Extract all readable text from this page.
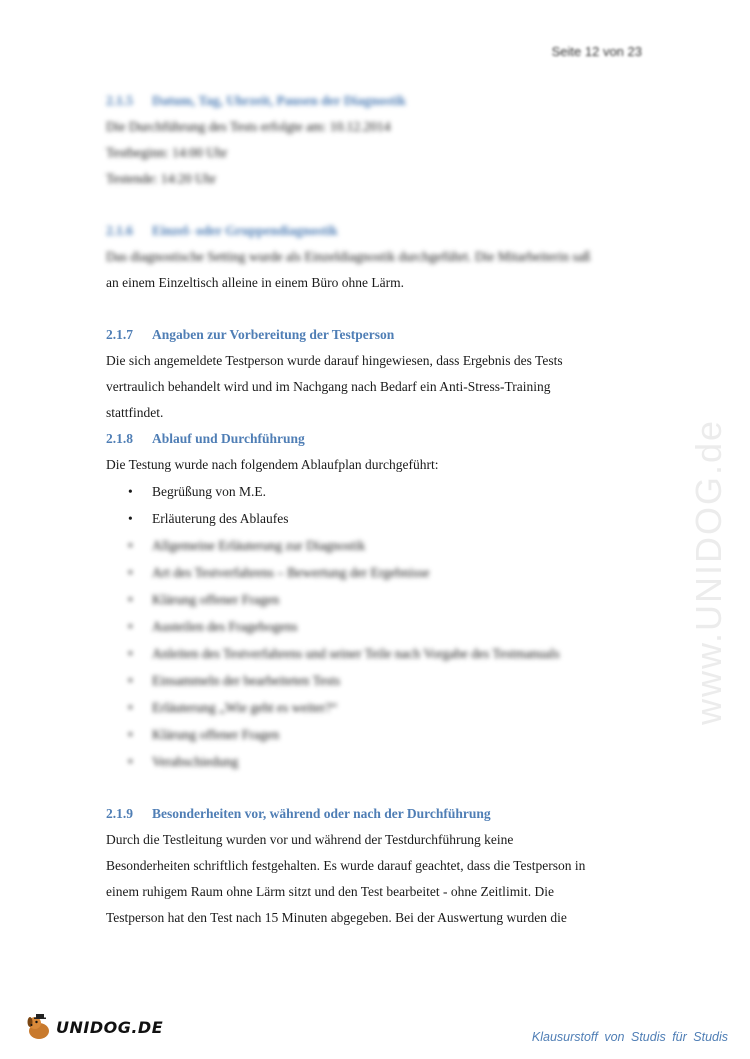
Seite 12 von 23
www.UNIDOG.de

2.1.5 Datum, Tag, Uhrzeit, Pausen der Diagnostik

Die Durchführung des Tests erfolgte am: 10.12.2014

Testbeginn: 14:00 Uhr

Testende: 14:20 Uhr

2.1.6 Einzel- oder Gruppendiagnostik

Das diagnostische Setting wurde als Einzeldiagnostik durchgeführt. Die Mitarbeiterin saß

an einem Einzeltisch alleine in einem Büro ohne Lärm.

2.1.7 Angaben zur Vorbereitung der Testperson

Die sich angemeldete Testperson wurde darauf hingewiesen, dass Ergebnis des Tests

vertraulich behandelt wird und im Nachgang nach Bedarf ein Anti-Stress-Training

stattfindet.

2.1.8 Ablauf und Durchführung

Die Testung wurde nach folgendem Ablaufplan durchgeführt:

• Begrüßung von M.E.
• Erläuterung des Ablaufes
• Allgemeine Erläuterung zur Diagnostik
• Art des Testverfahrens – Bewertung der Ergebnisse
• Klärung offener Fragen
• Austeilen des Fragebogens
• Anleiten des Testverfahrens und seiner Teile nach Vorgabe des Testmanuals
• Einsammeln der bearbeiteten Tests
• Erläuterung „Wie geht es weiter?“
• Klärung offener Fragen
• Verabschiedung

2.1.9 Besonderheiten vor, während oder nach der Durchführung

Durch die Testleitung wurden vor und während der Testdurchführung keine

Besonderheiten schriftlich festgehalten. Es wurde darauf geachtet, dass die Testperson in

einem ruhigem Raum ohne Lärm sitzt und den Test bearbeitet - ohne Zeitlimit. Die

Testperson hat den Test nach 15 Minuten abgegeben. Bei der Auswertung wurden die

UNIDOG.DE
Klausurstoff von Studis für Studis
